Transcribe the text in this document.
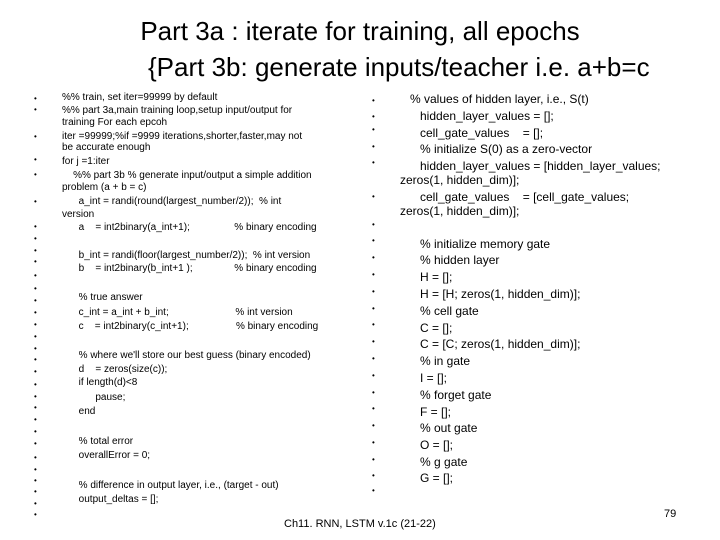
Part 3a : iterate for training, all epochs
{Part 3b: generate inputs/teacher i.e. a+b=c
•
•
•
•
•
•
•
•
•
•
•
•
•
•
•
•
•
•
•
•
•
•
•
•
•
•
•
•
•
•
•
%% train, set iter=99999 by default
%% part 3a,main training loop,setup input/output for
training For each epcoh
iter =99999;%if =9999 iterations,shorter,faster,may not
be accurate enough
for j =1:iter
%% part 3b % generate input/output a simple addition
problem (a + b = c)
a_int = randi(round(largest_number/2));  % int
version
a    = int2binary(a_int+1);                % binary encoding
b_int = randi(floor(largest_number/2));  % int version
b    = int2binary(b_int+1 );               % binary encoding
% true answer
c_int = a_int + b_int;                        % int version
c    = int2binary(c_int+1);                 % binary encoding
% where we'll store our best guess (binary encoded)
d    = zeros(size(c));
if length(d)<8
pause;
end
% total error
overallError = 0;
% difference in output layer, i.e., (target - out)
output_deltas = [];
•
•
•
•
•
•
•
•
•
•
•
•
•
•
•
•
•
•
•
•
•
•
•
% values of hidden layer, i.e., S(t)
hidden_layer_values = [];
cell_gate_values    = [];
% initialize S(0) as a zero-vector
hidden_layer_values = [hidden_layer_values;
zeros(1, hidden_dim)];
cell_gate_values    = [cell_gate_values;
zeros(1, hidden_dim)];
% initialize memory gate
% hidden layer
H = [];
H = [H; zeros(1, hidden_dim)];
% cell gate
C = [];
C = [C; zeros(1, hidden_dim)];
% in gate
I = [];
% forget gate
F = [];
% out gate
O = [];
% g gate
G = [];
Ch11. RNN, LSTM v.1c (21-22)
79
